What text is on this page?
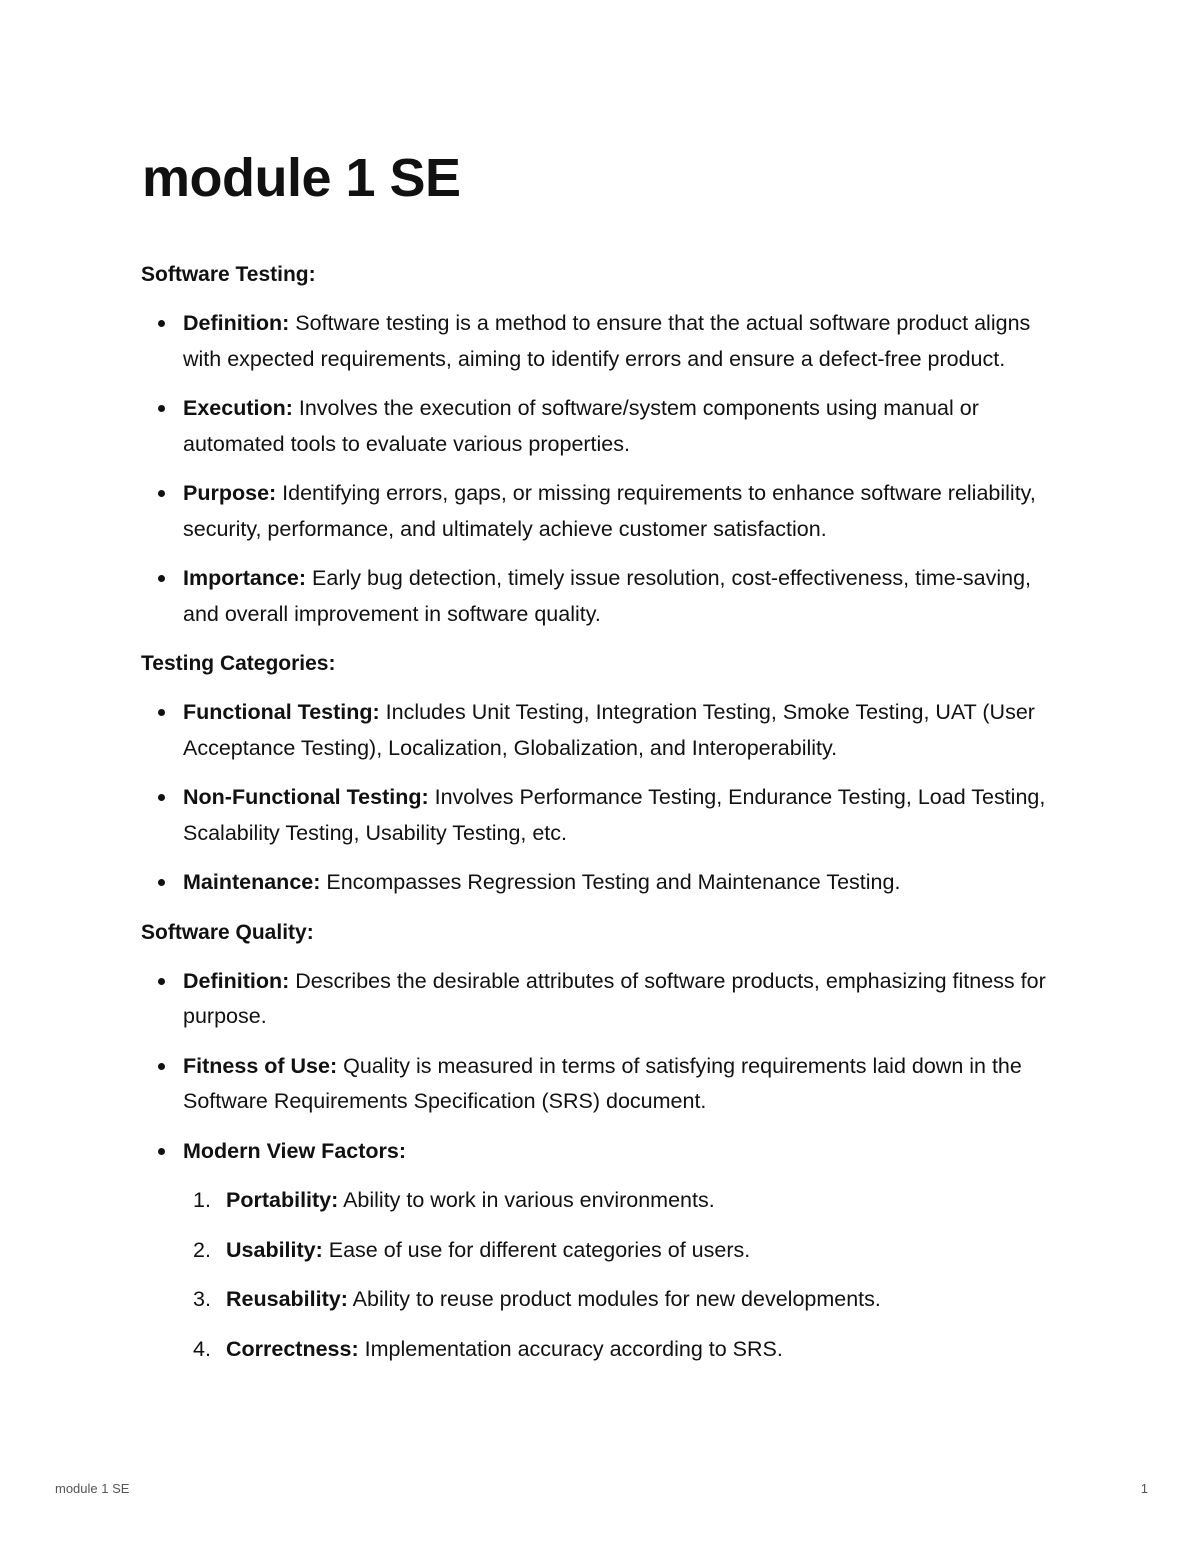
module 1 SE
Software Testing:
Definition: Software testing is a method to ensure that the actual software product aligns with expected requirements, aiming to identify errors and ensure a defect-free product.
Execution: Involves the execution of software/system components using manual or automated tools to evaluate various properties.
Purpose: Identifying errors, gaps, or missing requirements to enhance software reliability, security, performance, and ultimately achieve customer satisfaction.
Importance: Early bug detection, timely issue resolution, cost-effectiveness, time-saving, and overall improvement in software quality.
Testing Categories:
Functional Testing: Includes Unit Testing, Integration Testing, Smoke Testing, UAT (User Acceptance Testing), Localization, Globalization, and Interoperability.
Non-Functional Testing: Involves Performance Testing, Endurance Testing, Load Testing, Scalability Testing, Usability Testing, etc.
Maintenance: Encompasses Regression Testing and Maintenance Testing.
Software Quality:
Definition: Describes the desirable attributes of software products, emphasizing fitness for purpose.
Fitness of Use: Quality is measured in terms of satisfying requirements laid down in the Software Requirements Specification (SRS) document.
Modern View Factors:
1. Portability: Ability to work in various environments.
2. Usability: Ease of use for different categories of users.
3. Reusability: Ability to reuse product modules for new developments.
4. Correctness: Implementation accuracy according to SRS.
module 1 SE	1
